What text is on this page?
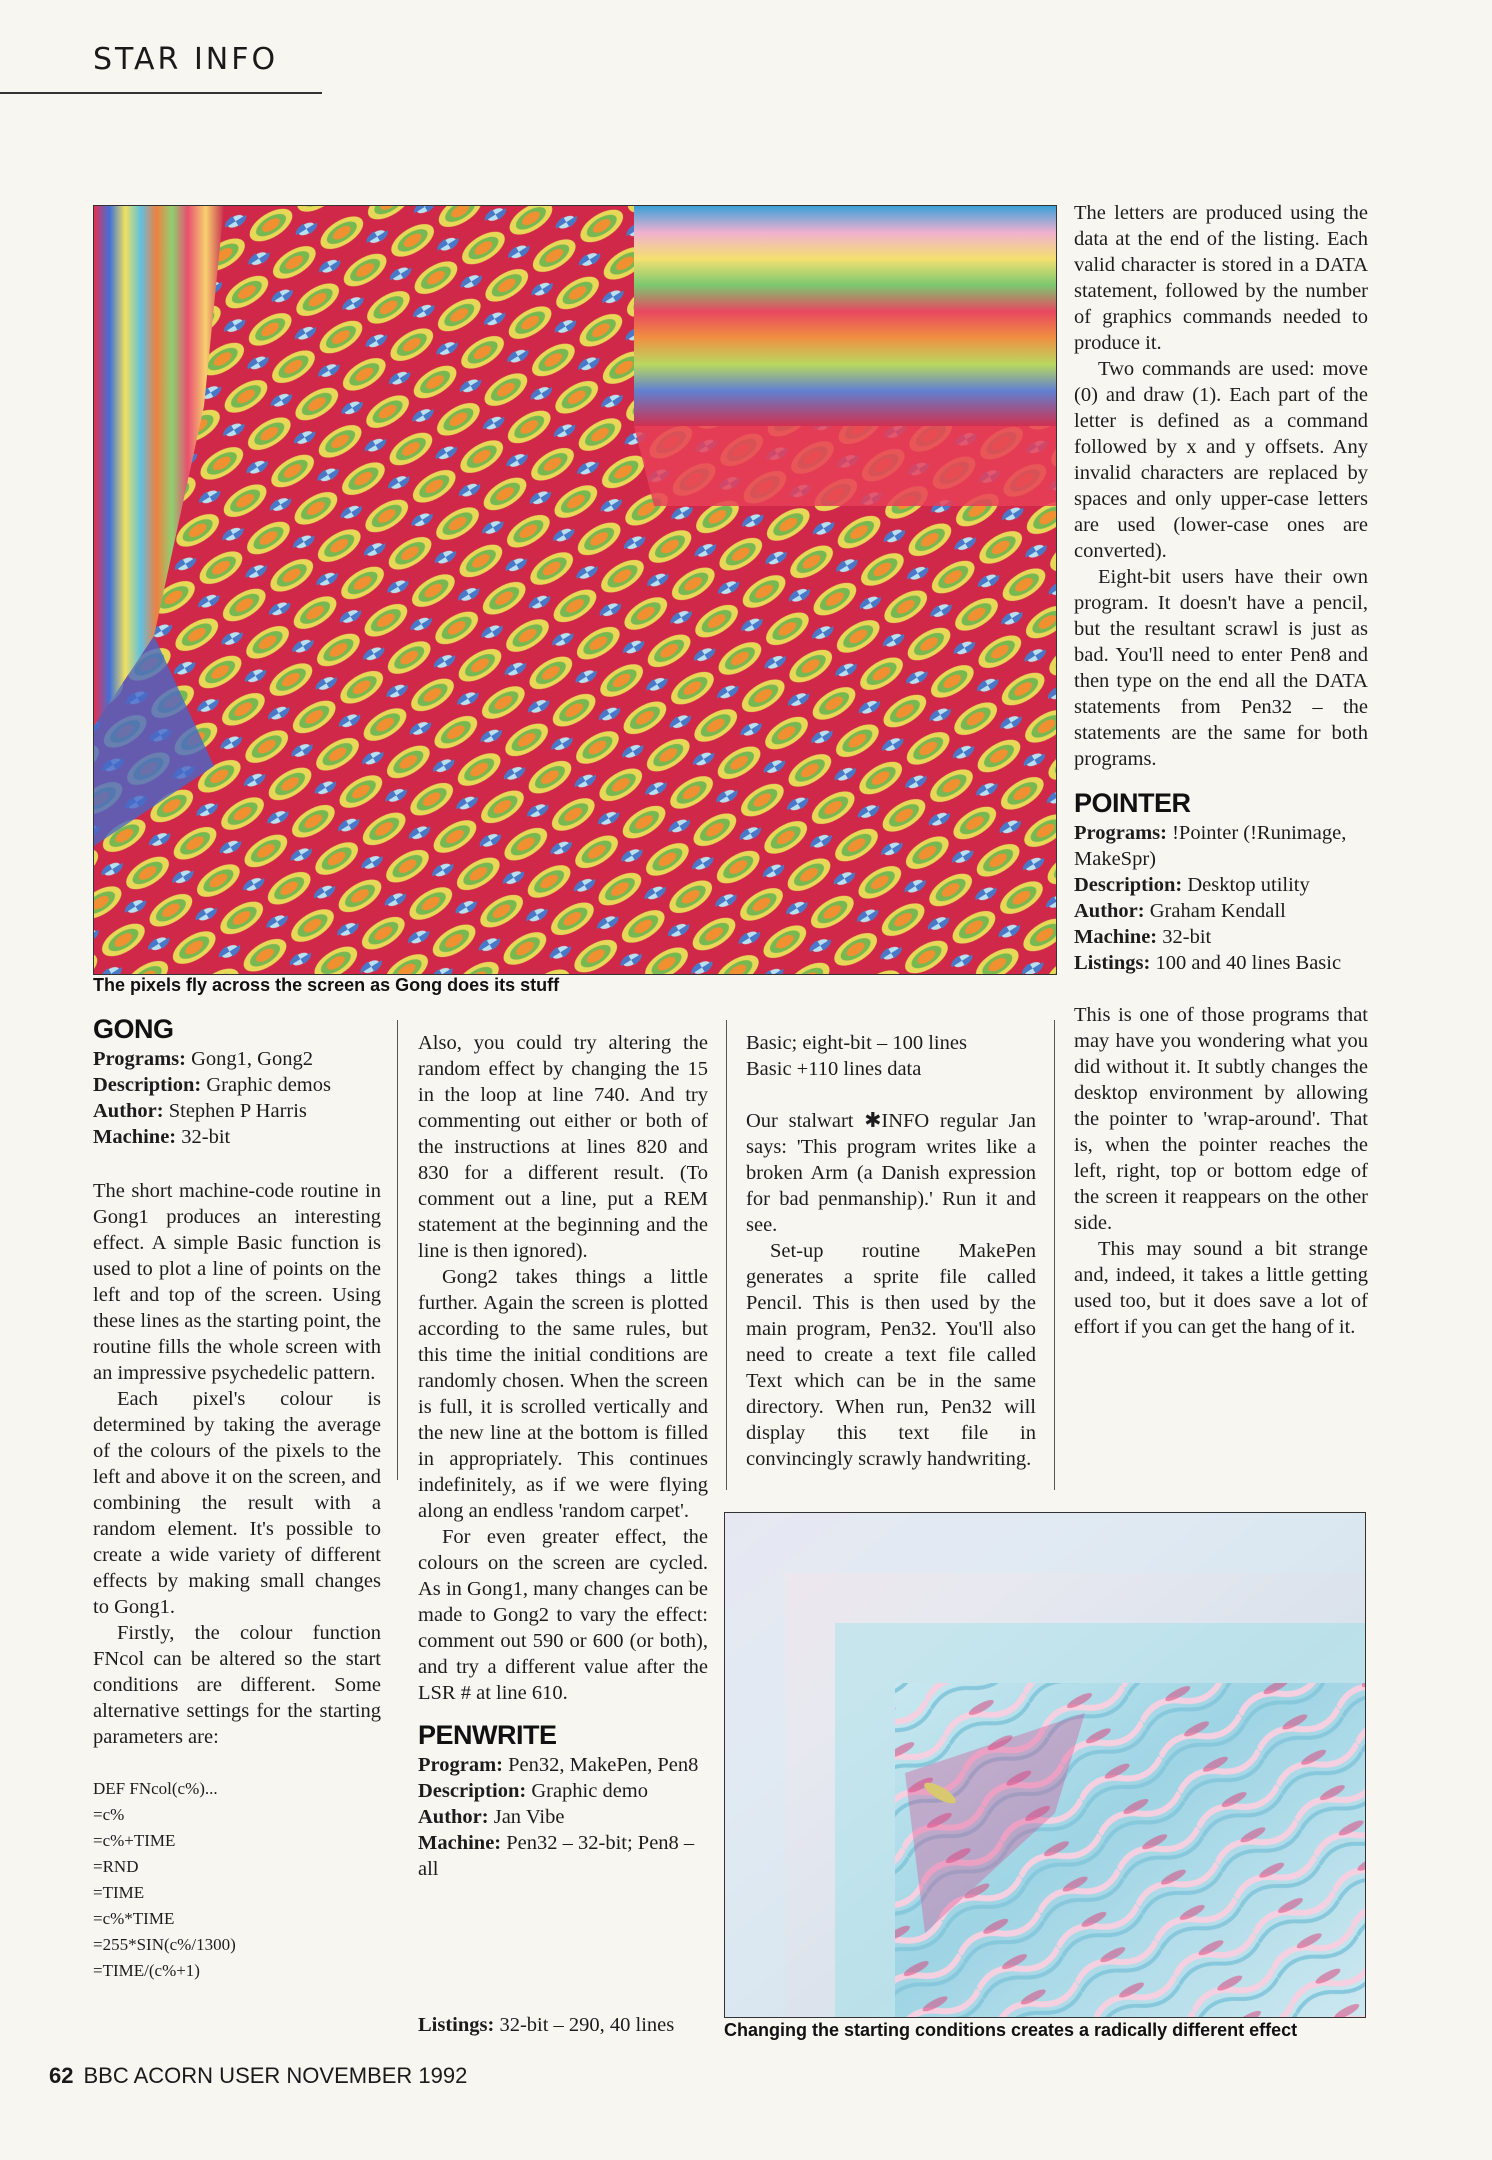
STAR INFO
The pixels fly across the screen as Gong does its stuff
GONG
Programs: Gong1, Gong2
Description: Graphic demos
Author: Stephen P Harris
Machine: 32-bit

The short machine-code routine in Gong1 produces an interesting effect. A simple Basic function is used to plot a line of points on the left and top of the screen. Using these lines as the starting point, the routine fills the whole screen with an impressive psychedelic pattern.

Each pixel's colour is determined by taking the average of the colours of the pixels to the left and above it on the screen, and combining the result with a random element. It's possible to create a wide variety of different effects by making small changes to Gong1.

Firstly, the colour function FNcol can be altered so the start conditions are different. Some alternative settings for the starting parameters are:

DEF FNcol(c%)...
=c%
=c%+TIME
=RND
=TIME
=c%*TIME
=255*SIN(c%/1300)
=TIME/(c%+1)

Also, you could try altering the random effect by changing the 15 in the loop at line 740. And try commenting out either or both of the instructions at lines 820 and 830 for a different result. (To comment out a line, put a REM statement at the beginning and the line is then ignored).

Gong2 takes things a little further. Again the screen is plotted according to the same rules, but this time the initial conditions are randomly chosen. When the screen is full, it is scrolled vertically and the new line at the bottom is filled in appropriately. This continues indefinitely, as if we were flying along an endless 'random carpet'.

For even greater effect, the colours on the screen are cycled. As in Gong1, many changes can be made to Gong2 to vary the effect: comment out 590 or 600 (or both), and try a different value after the LSR # at line 610.

PENWRITE
Program: Pen32, MakePen, Pen8
Description: Graphic demo
Author: Jan Vibe
Machine: Pen32 – 32-bit; Pen8 – all
Listings: 32-bit – 290, 40 lines
Basic; eight-bit – 100 lines
Basic +110 lines data

Our stalwart ✱INFO regular Jan says: 'This program writes like a broken Arm (a Danish expression for bad penmanship).' Run it and see.

Set-up routine MakePen generates a sprite file called Pencil. This is then used by the main program, Pen32. You'll also need to create a text file called Text which can be in the same directory. When run, Pen32 will display this text file in convincingly scrawly handwriting.

The letters are produced using the data at the end of the listing. Each valid character is stored in a DATA statement, followed by the number of graphics commands needed to produce it.

Two commands are used: move (0) and draw (1). Each part of the letter is defined as a command followed by x and y offsets. Any invalid characters are replaced by spaces and only upper-case letters are used (lower-case ones are converted).

Eight-bit users have their own program. It doesn't have a pencil, but the resultant scrawl is just as bad. You'll need to enter Pen8 and then type on the end all the DATA statements from Pen32 – the statements are the same for both programs.

POINTER
Programs: !Pointer (!Runimage, MakeSpr)
Description: Desktop utility
Author: Graham Kendall
Machine: 32-bit
Listings: 100 and 40 lines Basic

This is one of those programs that may have you wondering what you did without it. It subtly changes the desktop environment by allowing the pointer to 'wrap-around'. That is, when the pointer reaches the left, right, top or bottom edge of the screen it reappears on the other side.

This may sound a bit strange and, indeed, it takes a little getting used too, but it does save a lot of effort if you can get the hang of it.

Changing the starting conditions creates a radically different effect
62 BBC ACORN USER NOVEMBER 1992
